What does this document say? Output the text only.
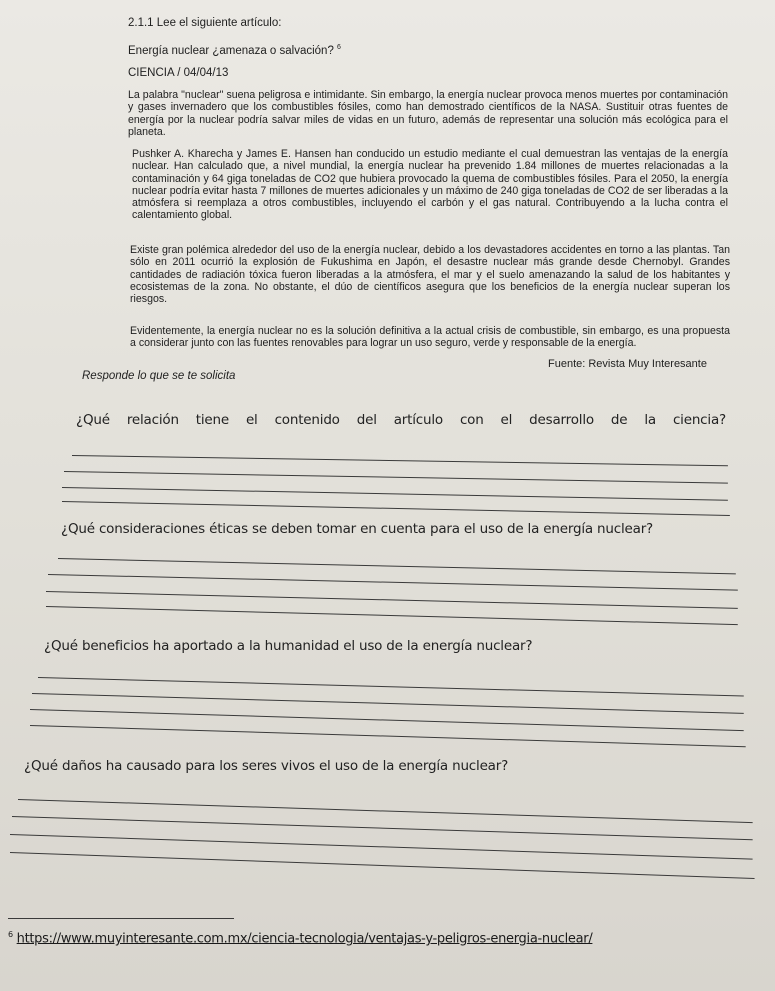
2.1.1 Lee el siguiente artículo:
Energía nuclear ¿amenaza o salvación? $^6$
CIENCIA / 04/04/13
La palabra "nuclear" suena peligrosa e intimidante. Sin embargo, la energía nuclear provoca menos muertes por contaminación y gases invernadero que los combustibles fósiles, como han demostrado científicos de la NASA. Sustituir otras fuentes de energía por la nuclear podría salvar miles de vidas en un futuro, además de representar una solución más ecológica para el planeta.
Pushker A. Kharecha y James E. Hansen han conducido un estudio mediante el cual demuestran las ventajas de la energía nuclear. Han calculado que, a nivel mundial, la energía nuclear ha prevenido 1.84 millones de muertes relacionadas a la contaminación y 64 giga toneladas de CO2 que hubiera provocado la quema de combustibles fósiles. Para el 2050, la energía nuclear podría evitar hasta 7 millones de muertes adicionales y un máximo de 240 giga toneladas de CO2 de ser liberadas a la atmósfera si reemplaza a otros combustibles, incluyendo el carbón y el gas natural. Contribuyendo a la lucha contra el calentamiento global.
Existe gran polémica alrededor del uso de la energía nuclear, debido a los devastadores accidentes en torno a las plantas. Tan sólo en 2011 ocurrió la explosión de Fukushima en Japón, el desastre nuclear más grande desde Chernobyl. Grandes cantidades de radiación tóxica fueron liberadas a la atmósfera, el mar y el suelo amenazando la salud de los habitantes y ecosistemas de la zona. No obstante, el dúo de científicos asegura que los beneficios de la energía nuclear superan los riesgos.
Evidentemente, la energía nuclear no es la solución definitiva a la actual crisis de combustible, sin embargo, es una propuesta a considerar junto con las fuentes renovables para lograr un uso seguro, verde y responsable de la energía.
Fuente: Revista Muy Interesante
Responde lo que se te solicita
¿Qué relación tiene el contenido del artículo con el desarrollo de la ciencia?
¿Qué consideraciones éticas se deben tomar en cuenta para el uso de la energía nuclear?
¿Qué beneficios ha aportado a la humanidad el uso de la energía nuclear?
¿Qué daños ha causado para los seres vivos el uso de la energía nuclear?
$^6$ https://www.muyinteresante.com.mx/ciencia-tecnologia/ventajas-y-peligros-energia-nuclear/
